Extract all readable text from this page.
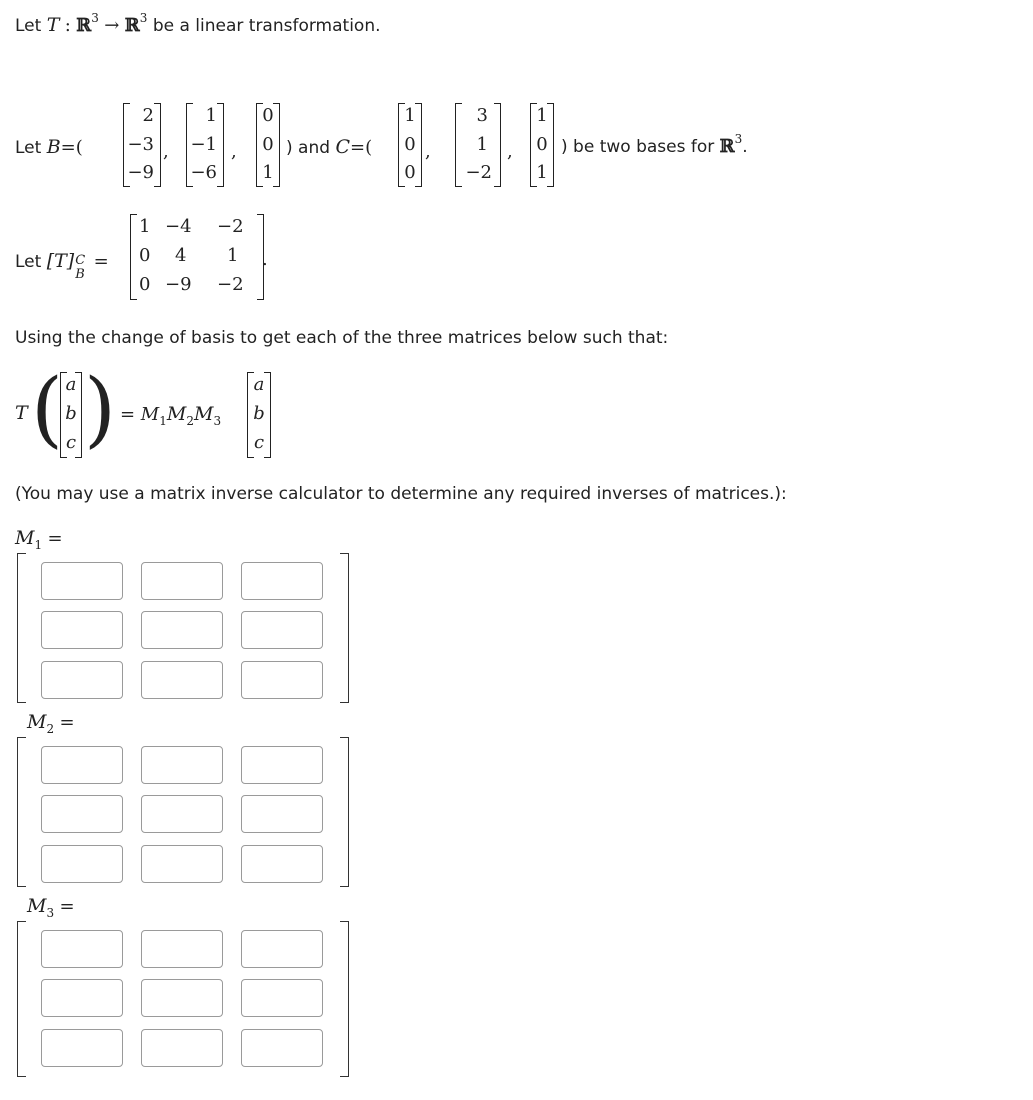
Let T : ℝ$^3$ → ℝ$^3$ be a linear transformation.
Let B=(
2
−3
−9
,
1
−1
−6
,
0
0
1
) and C=(
1
0
0
,
3
1
−2
,
1
0
1
) be two bases for ℝ$^3$.
Let [T] C
B
=
1 −4 −2
0 4 1
0 −9 −2
.
Using the change of basis to get each of the three matrices below such that:
T ( a
b
c ) = $M_1M_2M_3$
a
b
c
(You may use a matrix inverse calculator to determine any required inverses of matrices.):
$M_1$ =
$M_2$ =
$M_3$ =
